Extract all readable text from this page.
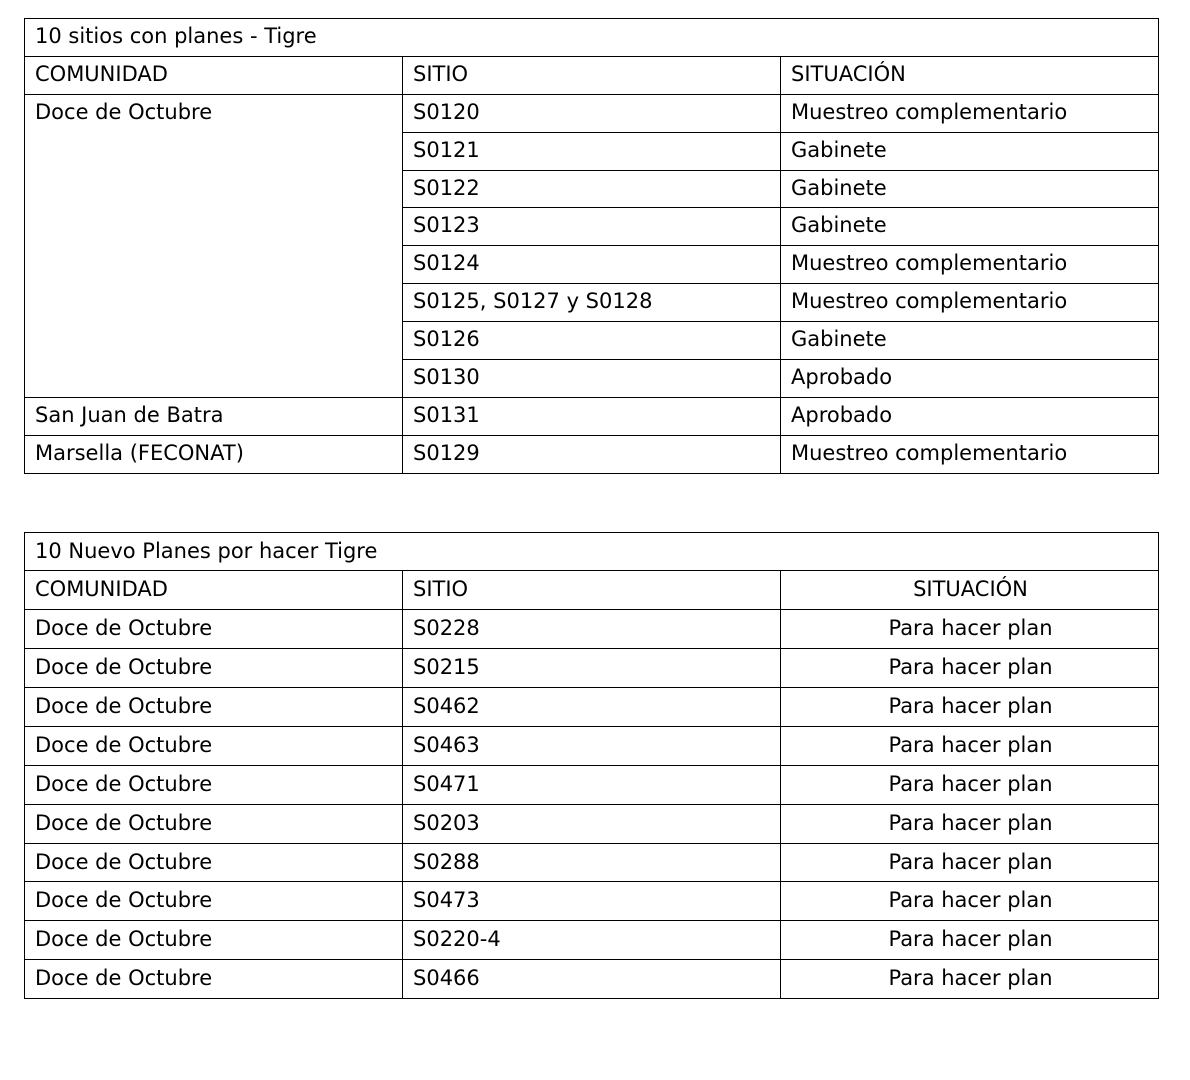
10 sitios con planes - Tigre		
COMUNIDAD	SITIO	SITUACIÓN
Doce de Octubre	S0120	Muestreo complementario
	S0121	Gabinete
	S0122	Gabinete
	S0123	Gabinete
	S0124	Muestreo complementario
	S0125, S0127 y S0128	Muestreo complementario
	S0126	Gabinete
	S0130	Aprobado
San Juan de Batra	S0131	Aprobado
Marsella (FECONAT)	S0129	Muestreo complementario
10 Nuevo Planes por hacer Tigre		
COMUNIDAD	SITIO	SITUACIÓN
Doce de Octubre	S0228	Para hacer plan
Doce de Octubre	S0215	Para hacer plan
Doce de Octubre	S0462	Para hacer plan
Doce de Octubre	S0463	Para hacer plan
Doce de Octubre	S0471	Para hacer plan
Doce de Octubre	S0203	Para hacer plan
Doce de Octubre	S0288	Para hacer plan
Doce de Octubre	S0473	Para hacer plan
Doce de Octubre	S0220-4	Para hacer plan
Doce de Octubre	S0466	Para hacer plan
